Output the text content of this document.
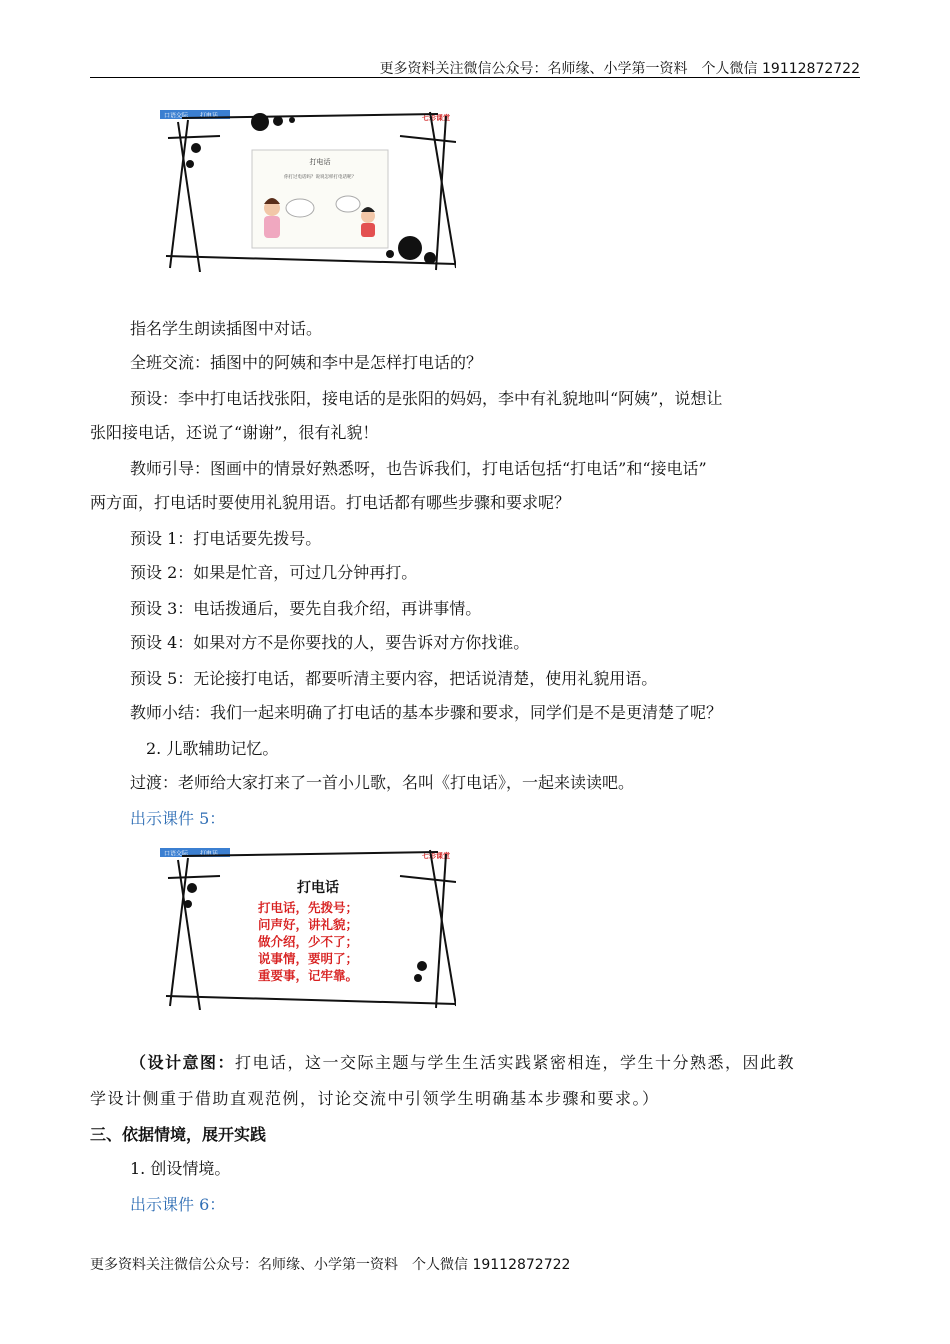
更多资料关注微信公众号：名师缘、小学第一资料　个人微信 19112872722
口语交际 打电话	七彩课堂
打电话
你打过电话吗？说说怎样打电话呢？
指名学生朗读插图中对话。
全班交流：插图中的阿姨和李中是怎样打电话的？
预设：李中打电话找张阳，接电话的是张阳的妈妈，李中有礼貌地叫“阿姨”，说想让
张阳接电话，还说了“谢谢”，很有礼貌！
教师引导：图画中的情景好熟悉呀，也告诉我们，打电话包括“打电话”和“接电话”
两方面，打电话时要使用礼貌用语。打电话都有哪些步骤和要求呢？
预设 1：打电话要先拨号。
预设 2：如果是忙音，可过几分钟再打。
预设 3：电话拨通后，要先自我介绍，再讲事情。
预设 4：如果对方不是你要找的人，要告诉对方你找谁。
预设 5：无论接打电话，都要听清主要内容，把话说清楚，使用礼貌用语。
教师小结：我们一起来明确了打电话的基本步骤和要求，同学们是不是更清楚了呢？
2. 儿歌辅助记忆。
过渡：老师给大家打来了一首小儿歌，名叫《打电话》，一起来读读吧。
出示课件 5：
口语交际 打电话	七彩课堂
打电话
打电话，先拨号；
问声好，讲礼貌；
做介绍，少不了；
说事情，要明了；
重要事，记牢靠。
（设计意图：打电话，这一交际主题与学生生活实践紧密相连，学生十分熟悉，因此教
学设计侧重于借助直观范例，讨论交流中引领学生明确基本步骤和要求。）
三、依据情境，展开实践
1. 创设情境。
出示课件 6：
更多资料关注微信公众号：名师缘、小学第一资料　个人微信 19112872722
